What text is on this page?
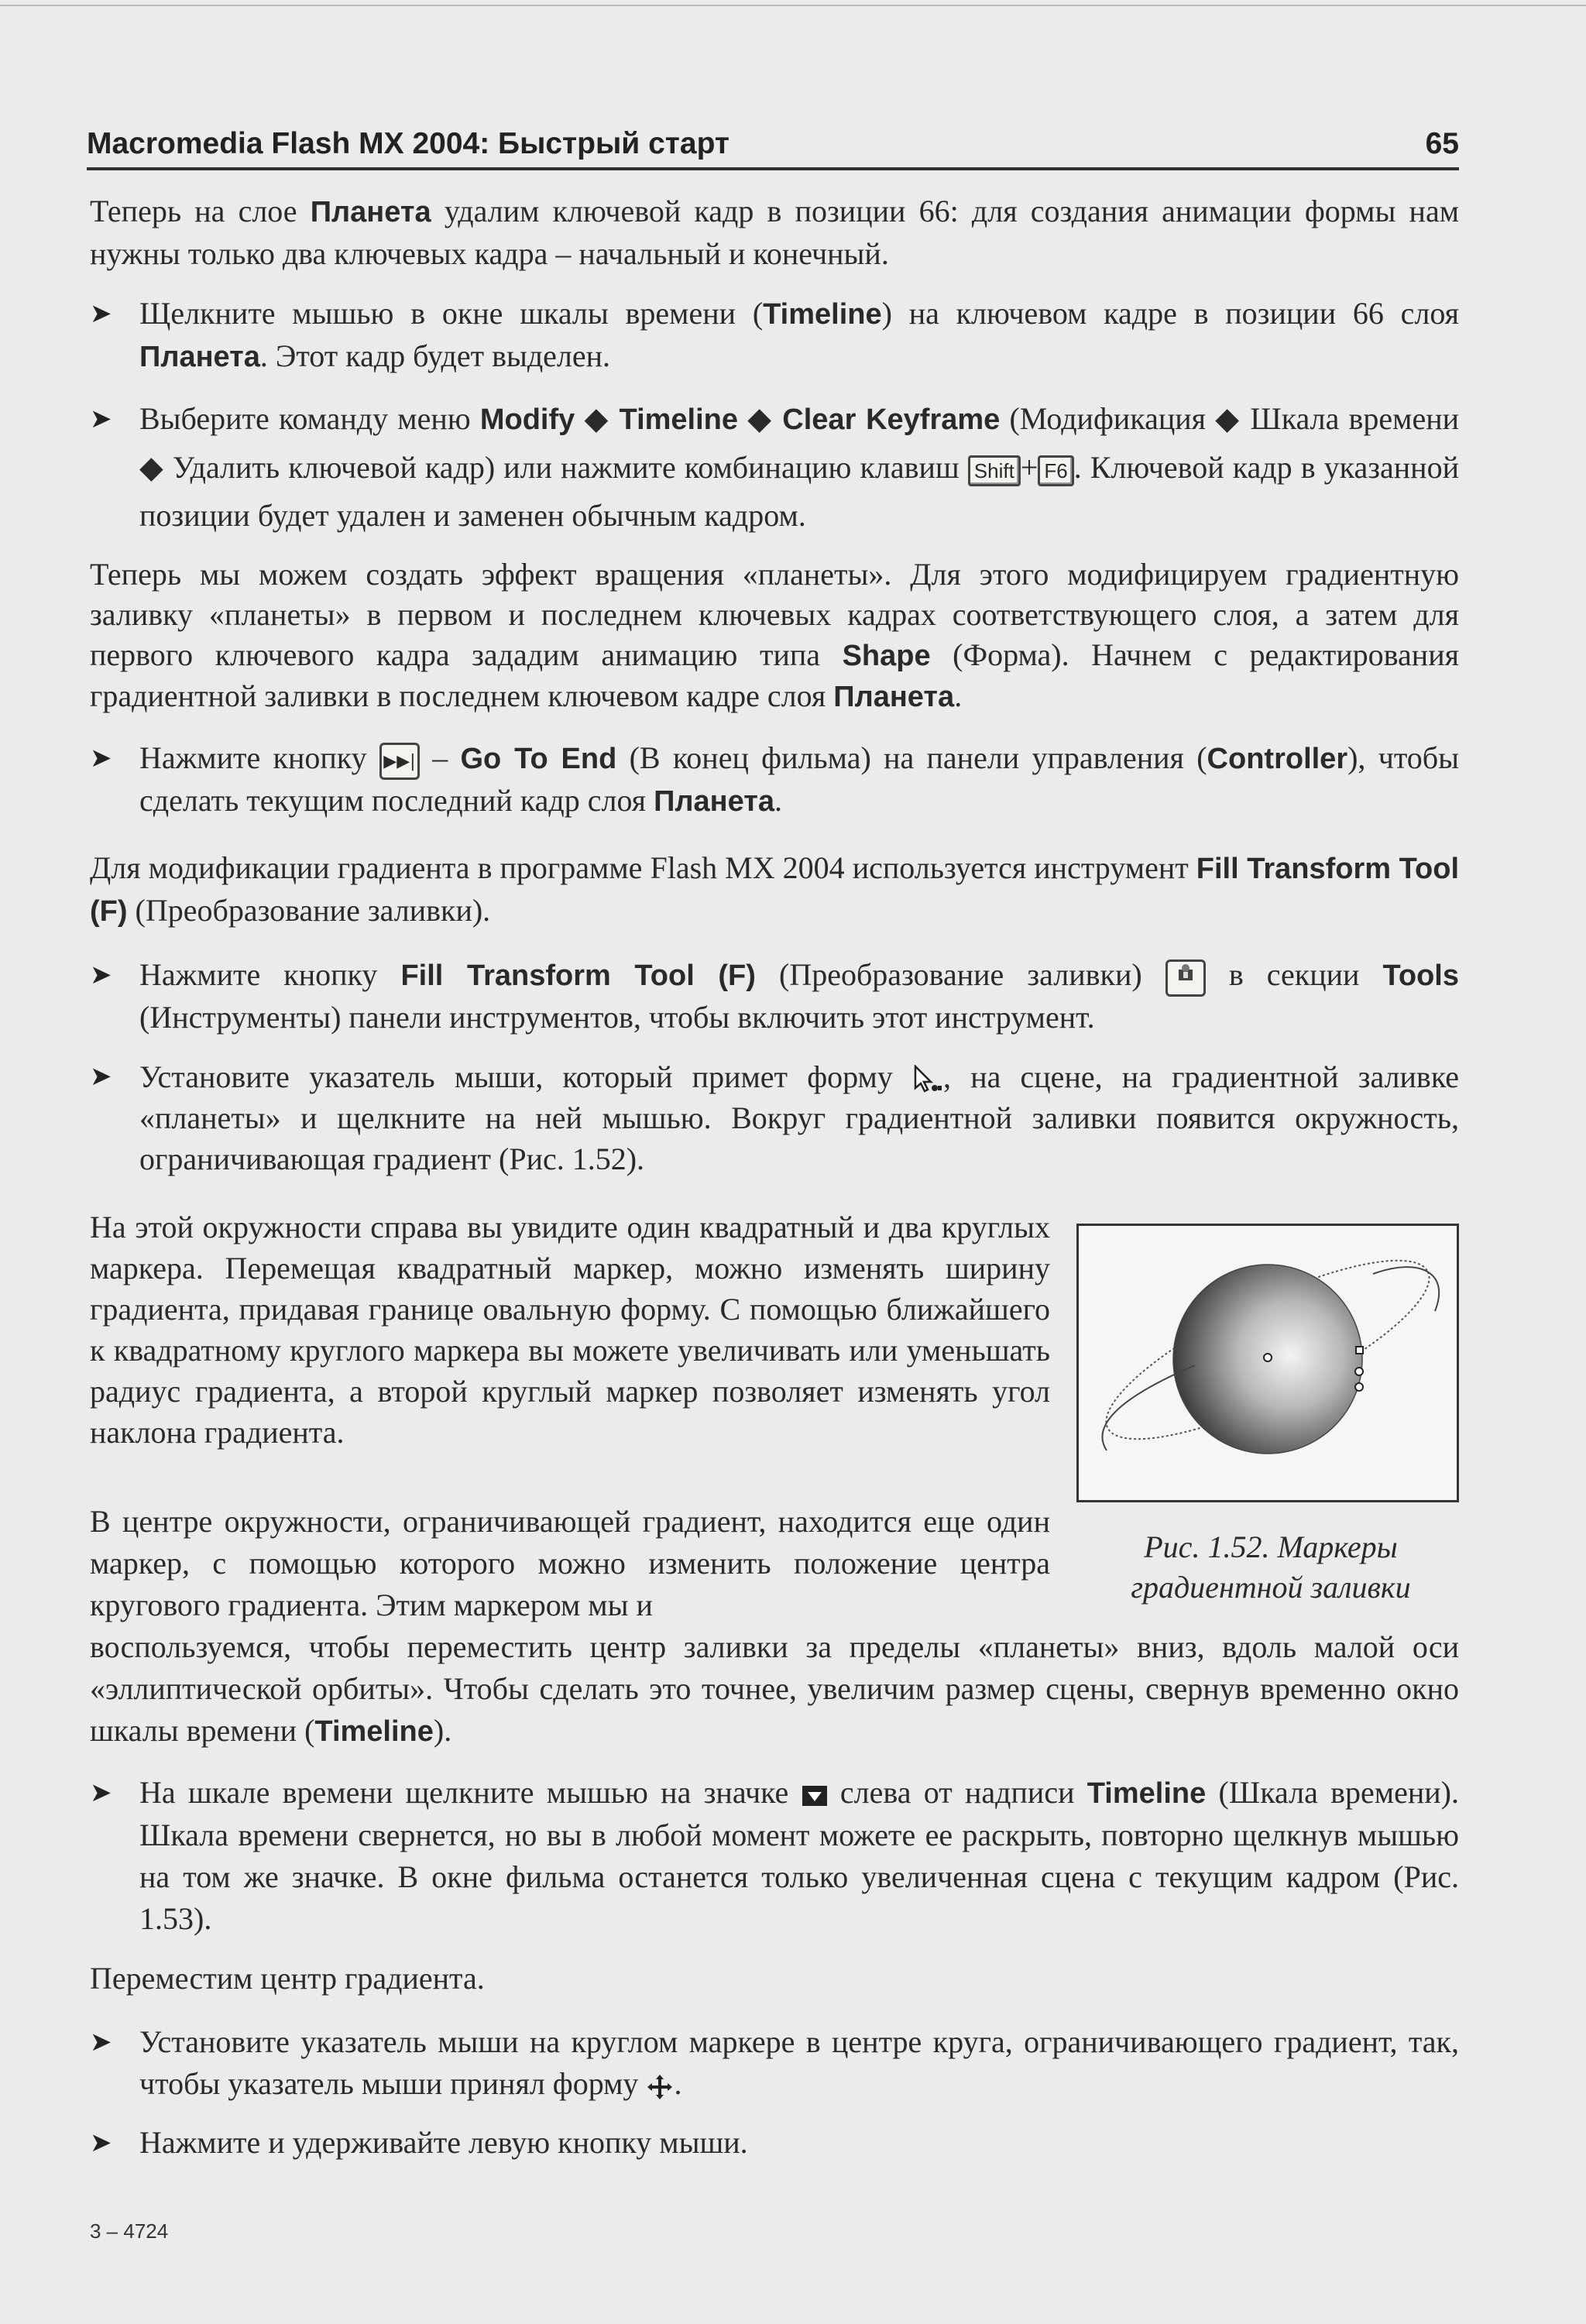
Macromedia Flash MX 2004: Быстрый старт	65
Теперь на слое Планета удалим ключевой кадр в позиции 66: для создания анимации формы нам нужны только два ключевых кадра – начальный и конечный.
➤ Щелкните мышью в окне шкалы времени (Timeline) на ключевом кадре в позиции 66 слоя Планета. Этот кадр будет выделен.
➤ Выберите команду меню Modify ◆ Timeline ◆ Clear Keyframe (Модификация ◆ Шкала времени ◆ Удалить ключевой кадр) или нажмите комбинацию клавиш Shift + F6 . Ключевой кадр в указанной позиции будет удален и заменен обычным кадром.
Теперь мы можем создать эффект вращения «планеты». Для этого модифицируем градиентную заливку «планеты» в первом и последнем ключевых кадрах соответствующего слоя, а затем для первого ключевого кадра зададим анимацию типа Shape (Форма). Начнем с редактирования градиентной заливки в последнем ключевом кадре слоя Планета.
➤ Нажмите кнопку ▶▶| – Go To End (В конец фильма) на панели управления (Controller), чтобы сделать текущим последний кадр слоя Планета.
Для модификации градиента в программе Flash MX 2004 используется инструмент Fill Transform Tool (F) (Преобразование заливки).
➤ Нажмите кнопку Fill Transform Tool (F) (Преобразование заливки)  в секции Tools (Инструменты) панели инструментов, чтобы включить этот инструмент.
➤ Установите указатель мыши, который примет форму , на сцене, на градиентной заливке «планеты» и щелкните на ней мышью. Вокруг градиентной заливки появится окружность, ограничивающая градиент (Рис. 1.52).
На этой окружности справа вы увидите один квадратный и два круглых маркера. Перемещая квадратный маркер, можно изменять ширину градиента, придавая границе овальную форму. С помощью ближайшего к квадратному круглого маркера вы можете увеличивать или уменьшать радиус градиента, а второй круглый маркер позволяет изменять угол наклона градиента.
Рис. 1.52. Маркеры градиентной заливки
В центре окружности, ограничивающей градиент, находится еще один маркер, с помощью которого можно изменить положение центра кругового градиента. Этим маркером мы и
воспользуемся, чтобы переместить центр заливки за пределы «планеты» вниз, вдоль малой оси «эллиптической орбиты». Чтобы сделать это точнее, увеличим размер сцены, свернув временно окно шкалы времени (Timeline).
➤ На шкале времени щелкните мышью на значке  слева от надписи Timeline (Шкала времени). Шкала времени свернется, но вы в любой момент можете ее раскрыть, повторно щелкнув мышью на том же значке. В окне фильма останется только увеличенная сцена с текущим кадром (Рис. 1.53).
Переместим центр градиента.
➤ Установите указатель мыши на круглом маркере в центре круга, ограничивающего градиент, так, чтобы указатель мыши принял форму .
➤ Нажмите и удерживайте левую кнопку мыши.
3 – 4724
